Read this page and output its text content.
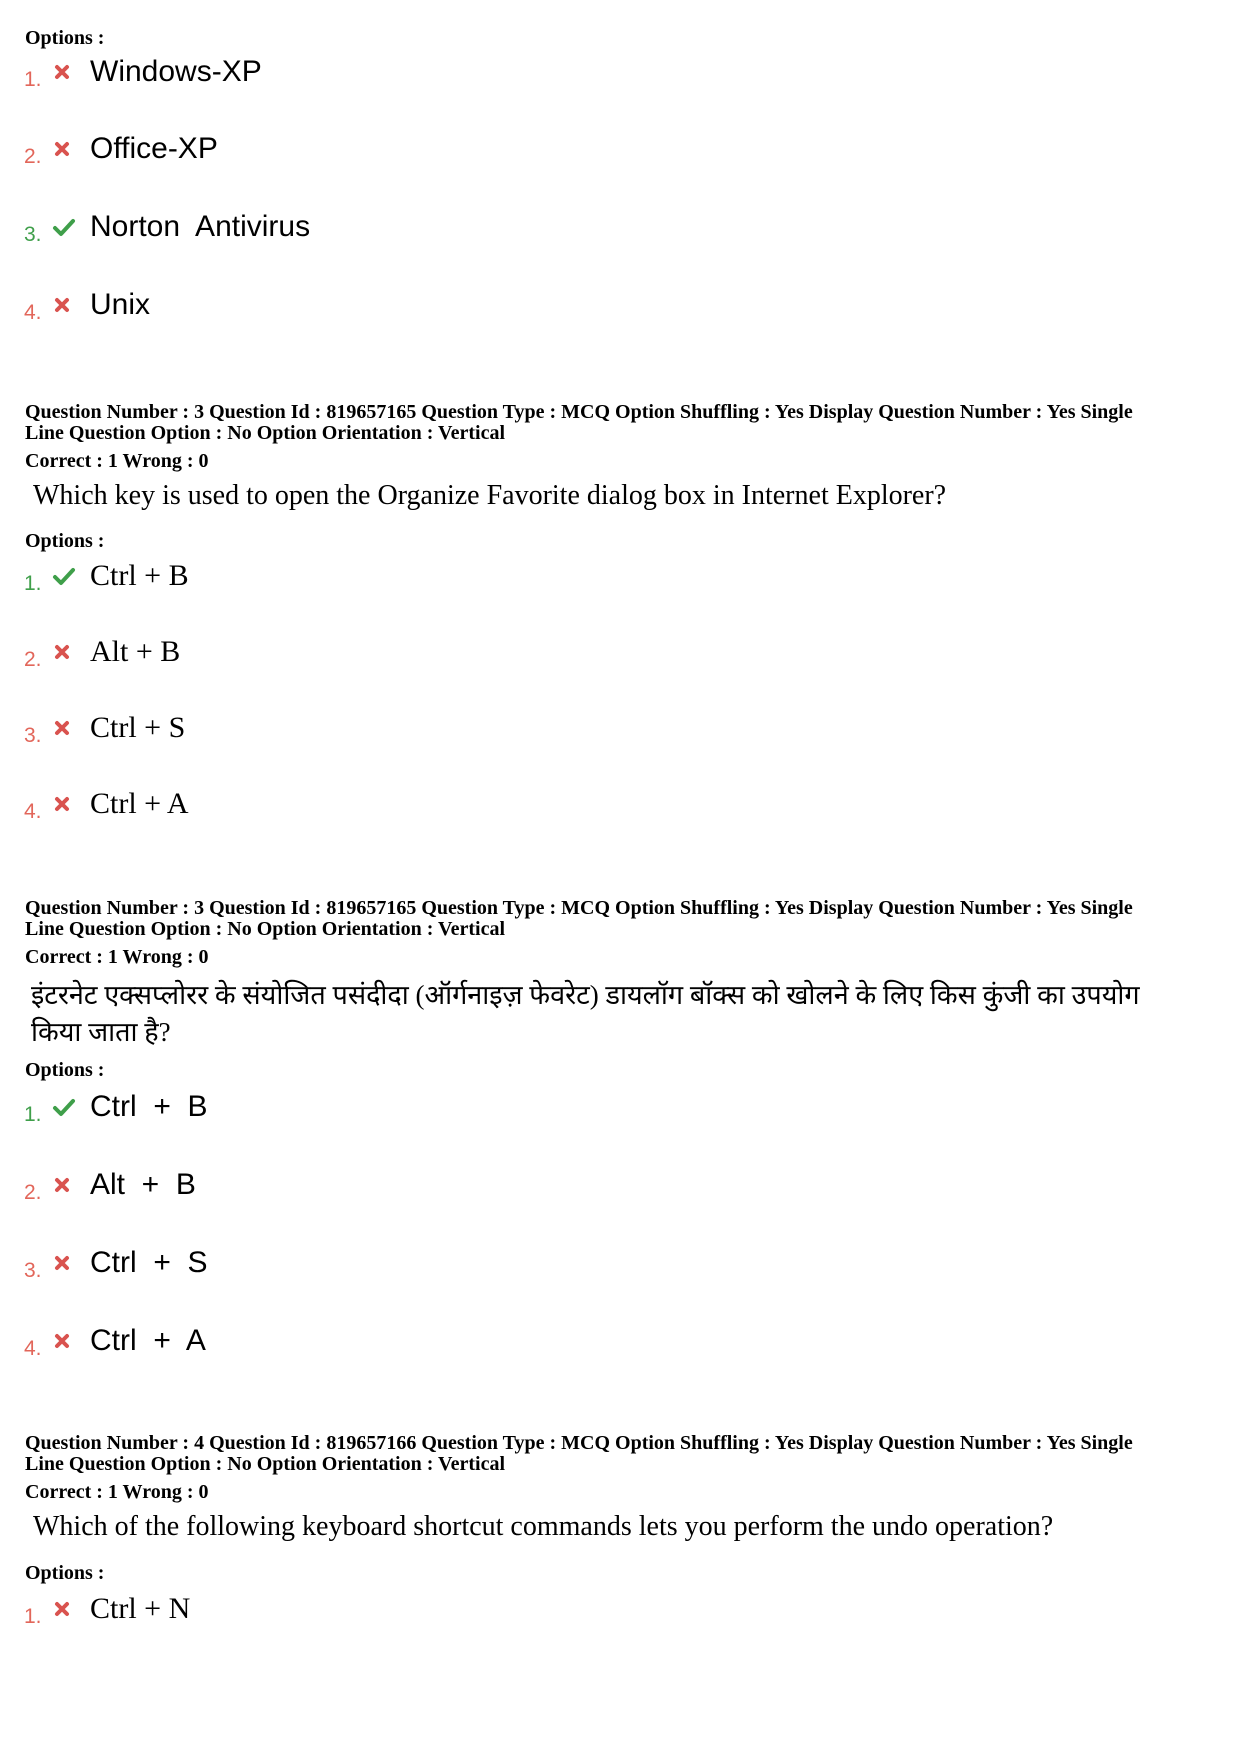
Options :
1. Windows-XP
2. Office-XP
3. Norton  Antivirus
4. Unix
Question Number : 3 Question Id : 819657165 Question Type : MCQ Option Shuffling : Yes Display Question Number : Yes Single
Line Question Option : No Option Orientation : Vertical
Correct : 1 Wrong : 0
Which key is used to open the Organize Favorite dialog box in Internet Explorer?
Options :
1. Ctrl + B
2. Alt + B
3. Ctrl + S
4. Ctrl + A
Question Number : 3 Question Id : 819657165 Question Type : MCQ Option Shuffling : Yes Display Question Number : Yes Single
Line Question Option : No Option Orientation : Vertical
Correct : 1 Wrong : 0
इंटरनेट एक्सप्लोरर के संयोजित पसंदीदा (ऑर्गनाइज़ फेवरेट) डायलॉग बॉक्स को खोलने के लिए किस कुंजी का उपयोग
किया जाता है?
Options :
1. Ctrl  +  B
2. Alt  +  B
3. Ctrl  +  S
4. Ctrl  +  A
Question Number : 4 Question Id : 819657166 Question Type : MCQ Option Shuffling : Yes Display Question Number : Yes Single
Line Question Option : No Option Orientation : Vertical
Correct : 1 Wrong : 0
Which of the following keyboard shortcut commands lets you perform the undo operation?
Options :
1. Ctrl + N
